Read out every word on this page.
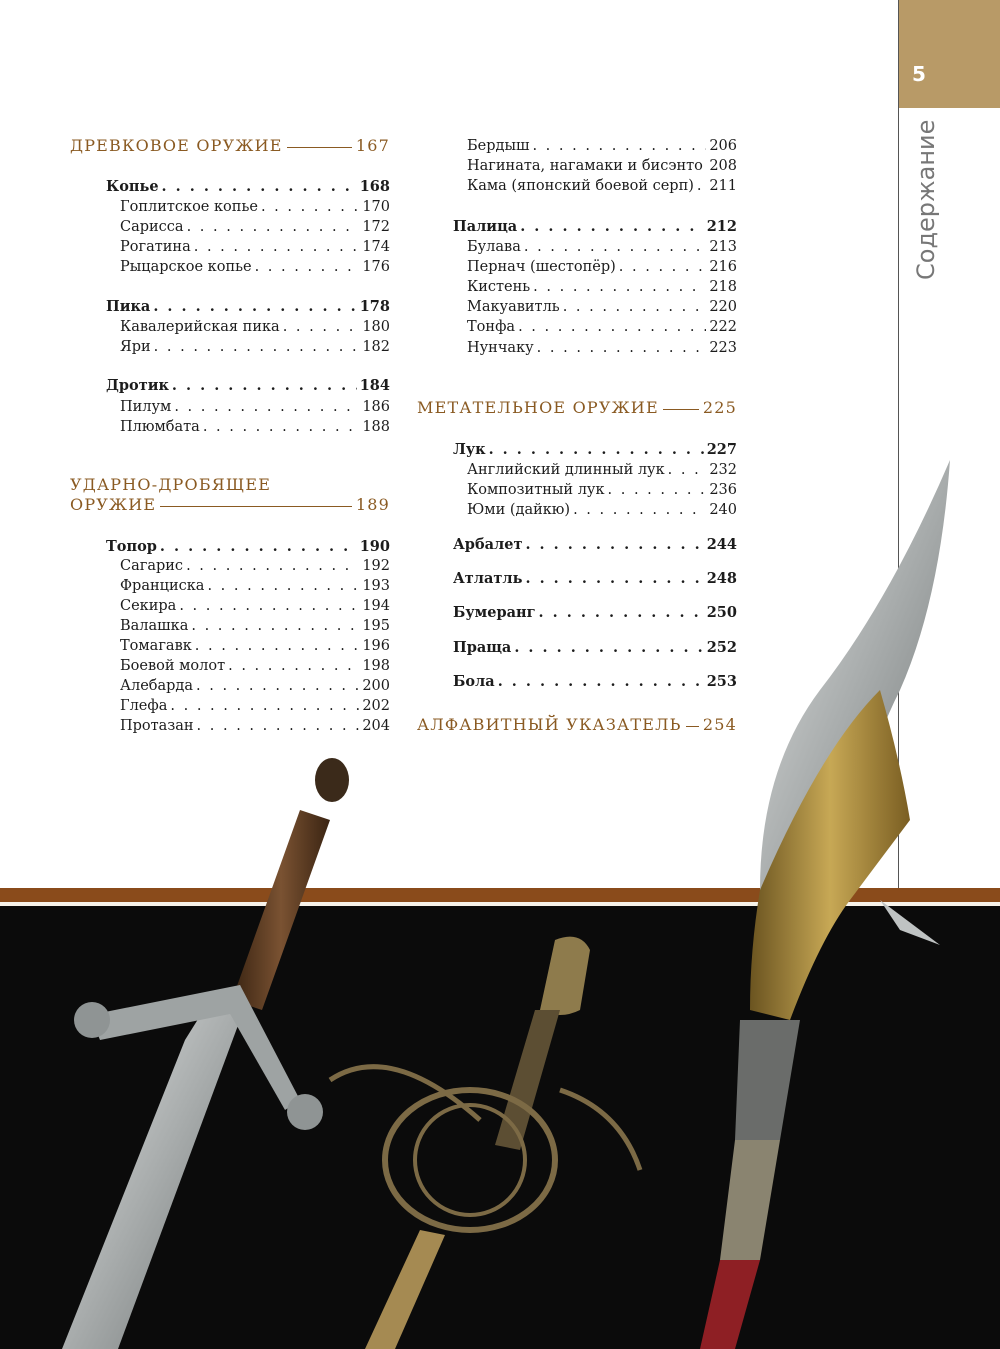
5
Содержание
ДРЕВКОВОЕ ОРУЖИЕ	167
Копье . . .	168
Гоплитское копье . . .	170
Сарисса . . .	172
Рогатина . . .	174
Рыцарское копье . . .	176
Пика . . .	178
Кавалерийская пика . . .	180
Яри . . .	182
Дротик . . .	184
Пилум . . .	186
Плюмбата . . .	188
УДАРНО-ДРОБЯЩЕЕ
ОРУЖИЕ	189
Топор . . .	190
Сагарис . . .	192
Франциска . . .	193
Секира . . .	194
Валашка . . .	195
Томагавк . . .	196
Боевой молот . . .	198
Алебарда . . .	200
Глефа . . .	202
Протазан . . .	204
Бердыш . . .	206
Нагината, нагамаки и бисэнто . . . 208
Кама (японский боевой серп) . . . 211
Палица . . .	212
Булава . . .	213
Пернач (шестопёр) . . .	216
Кистень . . .	218
Макуавитль . . .	220
Тонфа . . .	222
Нунчаку . . .	223
МЕТАТЕЛЬНОЕ ОРУЖИЕ	225
Лук . . .	227
Английский длинный лук . . .	232
Композитный лук . . .	236
Юми (дайкю) . . .	240
Арбалет . . .	244
Атлатль . . .	248
Бумеранг . . .	250
Праща . . .	252
Бола . . .	253
АЛФАВИТНЫЙ УКАЗАТЕЛЬ 254
